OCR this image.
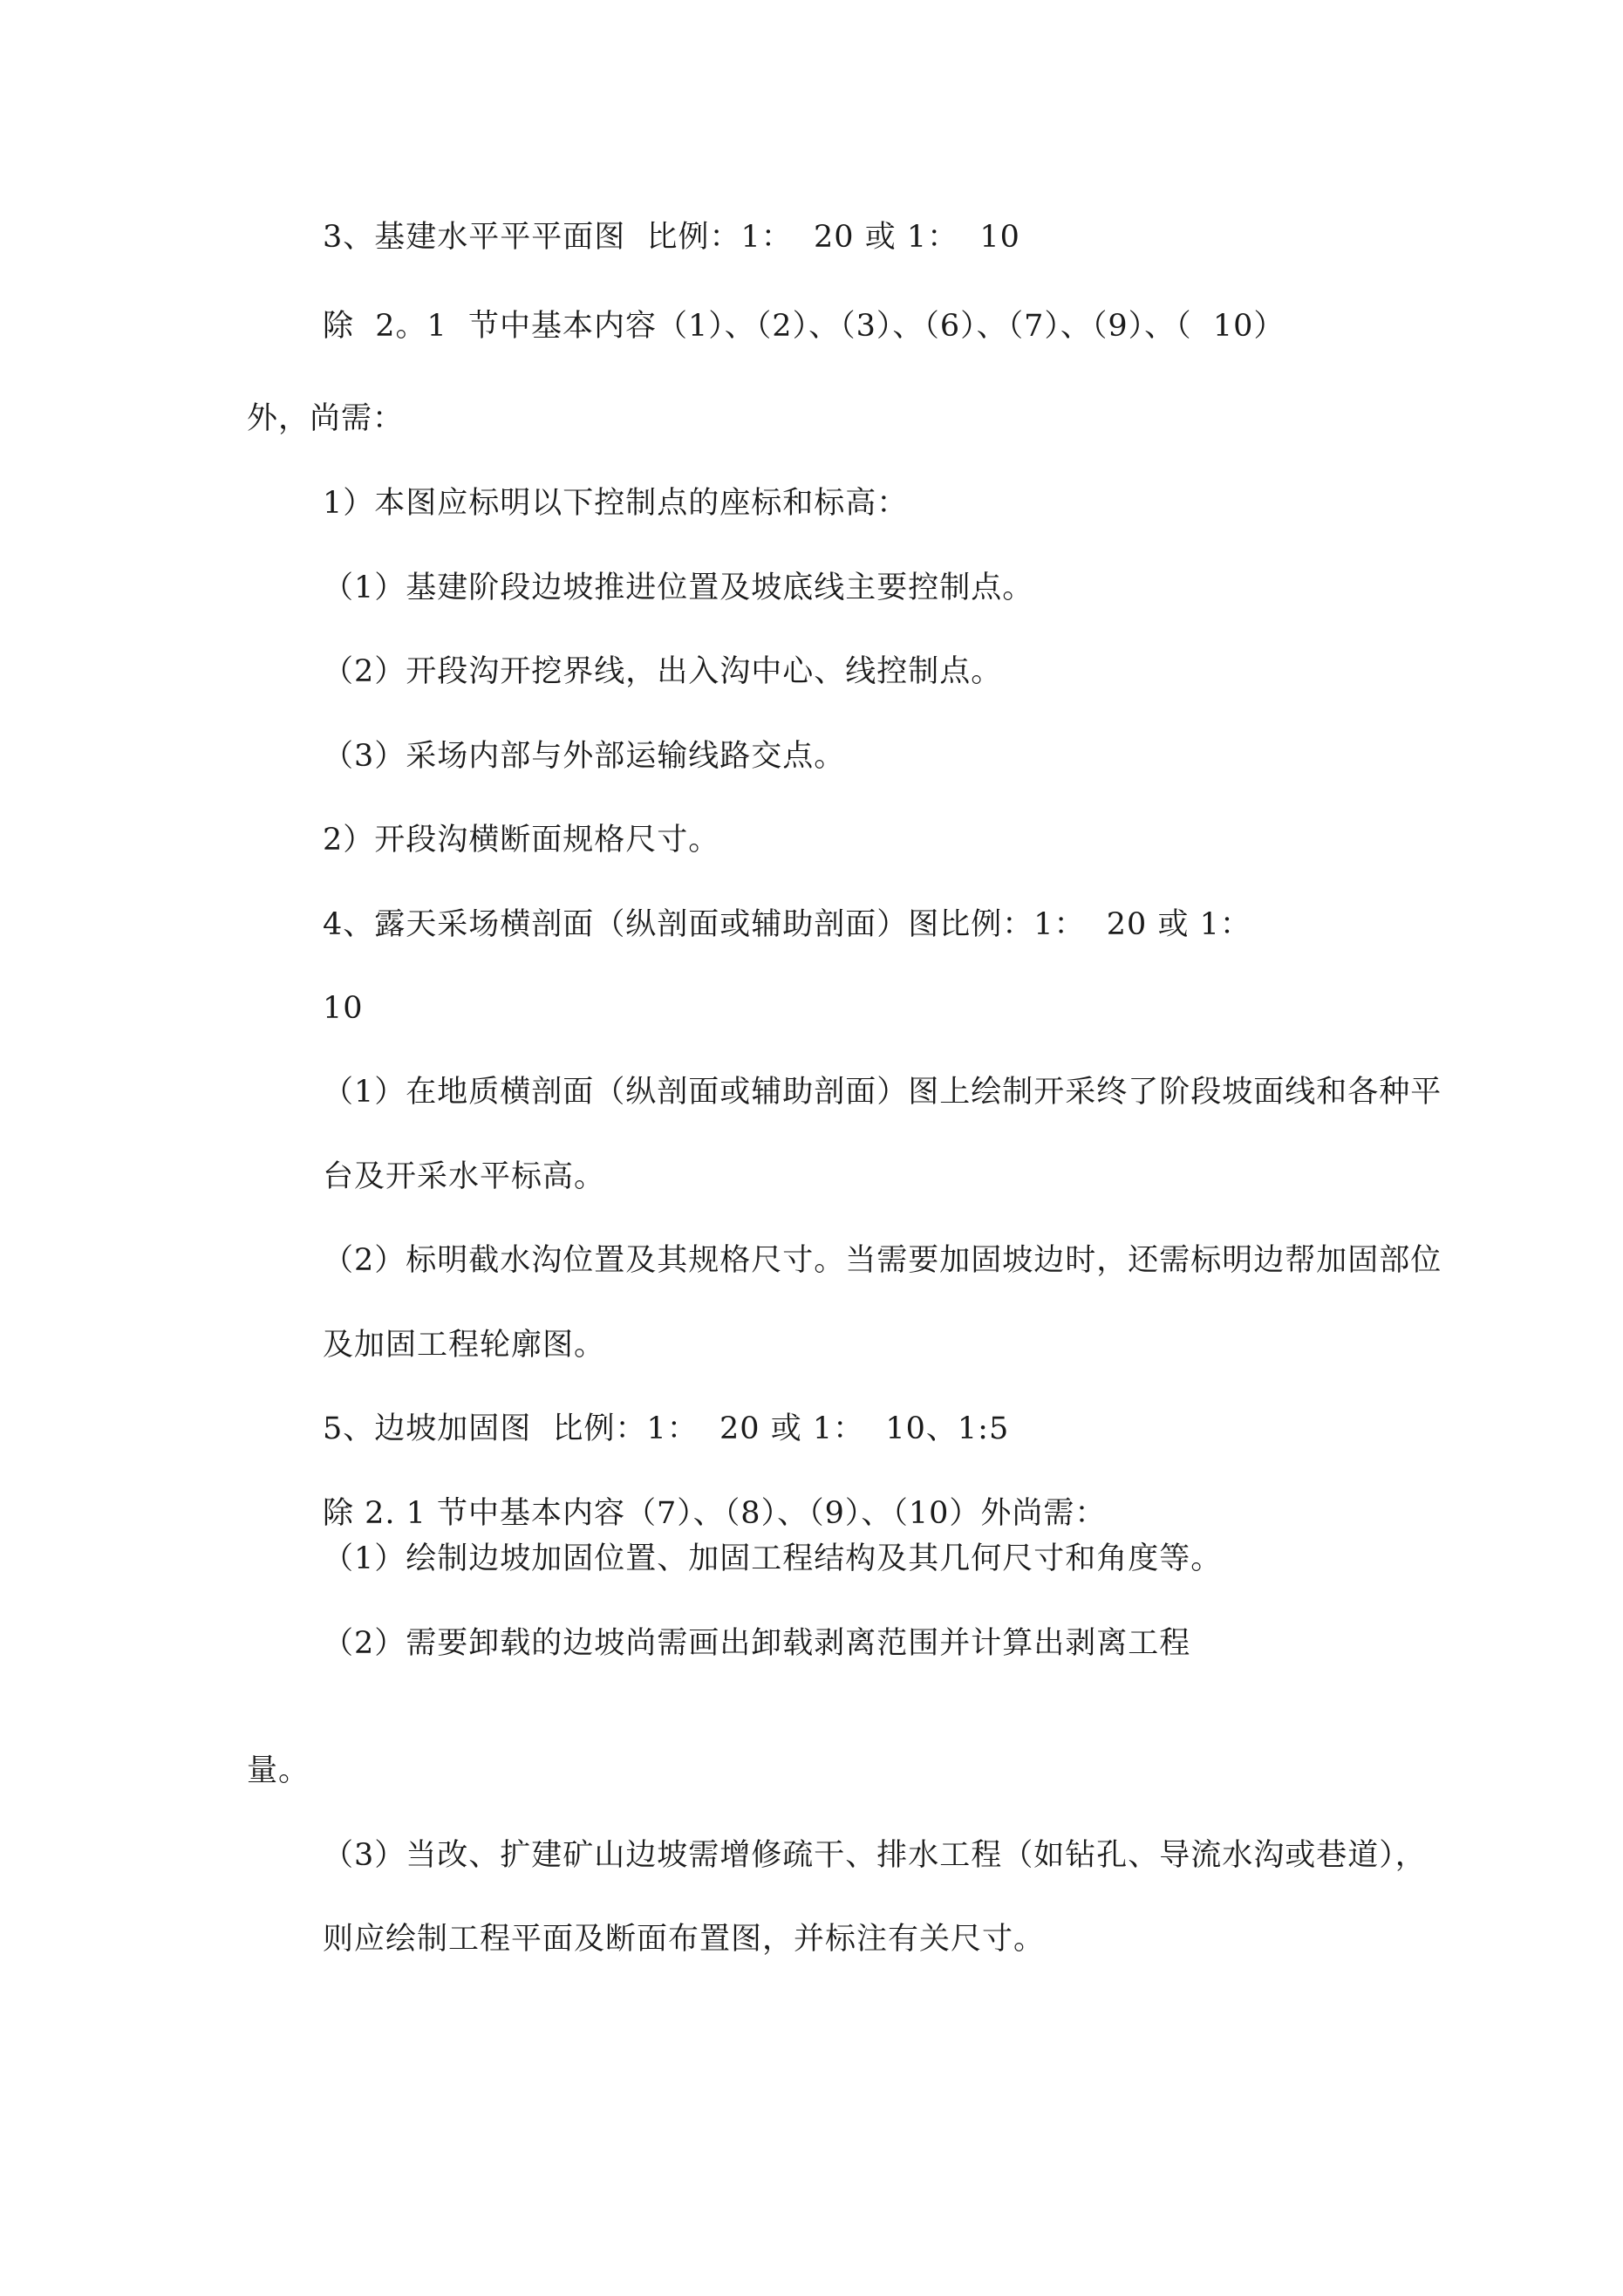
3、基建水平平平面图  比例：1：  20 或 1：  10
除  2。1  节中基本内容（1）、（2）、（3）、（6）、（7）、（9）、（  10）
外，尚需：
1）本图应标明以下控制点的座标和标高：
（1）基建阶段边坡推进位置及坡底线主要控制点。
（2）开段沟开挖界线，出入沟中心、线控制点。
（3）采场内部与外部运输线路交点。
2）开段沟横断面规格尺寸。
4、露天采场横剖面（纵剖面或辅助剖面）图比例：1：  20 或 1：
10
（1）在地质横剖面（纵剖面或辅助剖面）图上绘制开采终了阶段坡面线和各种平
台及开采水平标高。
（2）标明截水沟位置及其规格尺寸。当需要加固坡边时，还需标明边帮加固部位
及加固工程轮廓图。
5、边坡加固图  比例：1：  20 或 1：  10、1:5
除 2. 1 节中基本内容（7）、（8）、（9）、（10）外尚需：
（1）绘制边坡加固位置、加固工程结构及其几何尺寸和角度等。
（2）需要卸载的边坡尚需画出卸载剥离范围并计算出剥离工程
量。
（3）当改、扩建矿山边坡需增修疏干、排水工程（如钻孔、导流水沟或巷道），
则应绘制工程平面及断面布置图，并标注有关尺寸。
